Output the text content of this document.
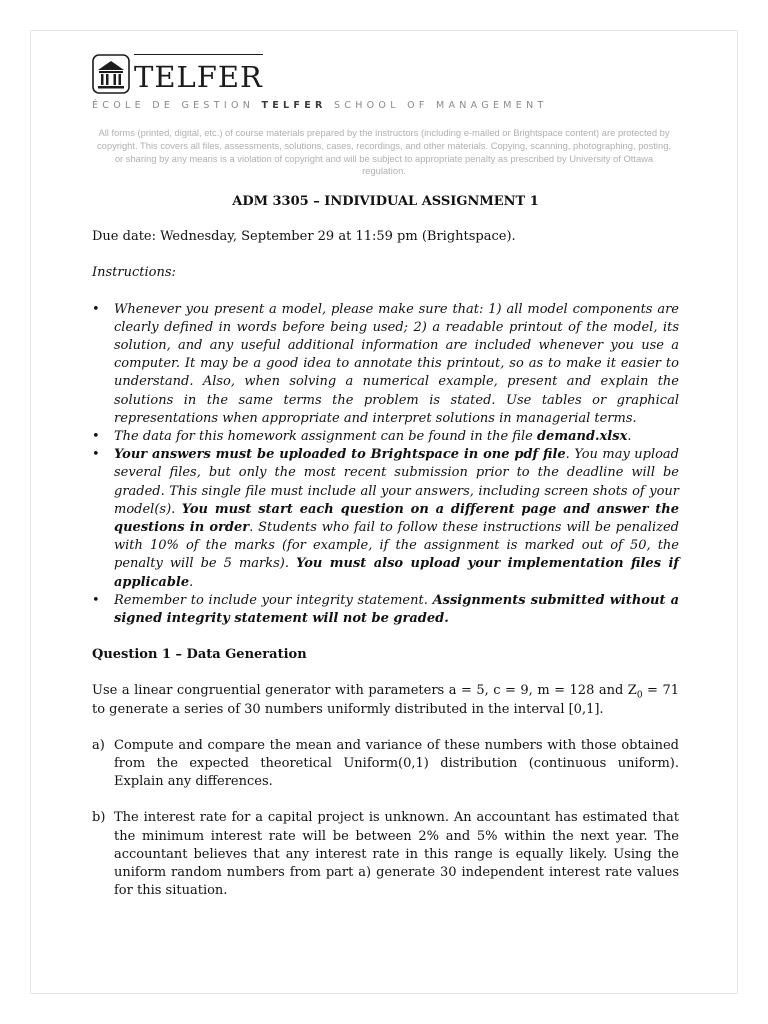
TELFER
ÉCOLE DE GESTION TELFER SCHOOL OF MANAGEMENT
All forms (printed, digital, etc.) of course materials prepared by the instructors (including e-mailed or Brightspace content) are protected by copyright. This covers all files, assessments, solutions, cases, recordings, and other materials. Copying, scanning, photographing, posting, or sharing by any means is a violation of copyright and will be subject to appropriate penalty as prescribed by University of Ottawa regulation.

ADM 3305 – INDIVIDUAL ASSIGNMENT 1

Due date: Wednesday, September 29 at 11:59 pm (Brightspace).

Instructions:

• Whenever you present a model, please make sure that: 1) all model components are clearly defined in words before being used; 2) a readable printout of the model, its solution, and any useful additional information are included whenever you use a computer. It may be a good idea to annotate this printout, so as to make it easier to understand. Also, when solving a numerical example, present and explain the solutions in the same terms the problem is stated. Use tables or graphical representations when appropriate and interpret solutions in managerial terms.
• The data for this homework assignment can be found in the file demand.xlsx.
• Your answers must be uploaded to Brightspace in one pdf file. You may upload several files, but only the most recent submission prior to the deadline will be graded. This single file must include all your answers, including screen shots of your model(s). You must start each question on a different page and answer the questions in order. Students who fail to follow these instructions will be penalized with 10% of the marks (for example, if the assignment is marked out of 50, the penalty will be 5 marks). You must also upload your implementation files if applicable.
• Remember to include your integrity statement. Assignments submitted without a signed integrity statement will not be graded.

Question 1 – Data Generation

Use a linear congruential generator with parameters a = 5, c = 9, m = 128 and $Z_0 = 71$ to generate a series of 30 numbers uniformly distributed in the interval [0,1].

a) Compute and compare the mean and variance of these numbers with those obtained from the expected theoretical Uniform(0,1) distribution (continuous uniform). Explain any differences.
b) The interest rate for a capital project is unknown. An accountant has estimated that the minimum interest rate will be between 2% and 5% within the next year. The accountant believes that any interest rate in this range is equally likely. Using the uniform random numbers from part a) generate 30 independent interest rate values for this situation.
